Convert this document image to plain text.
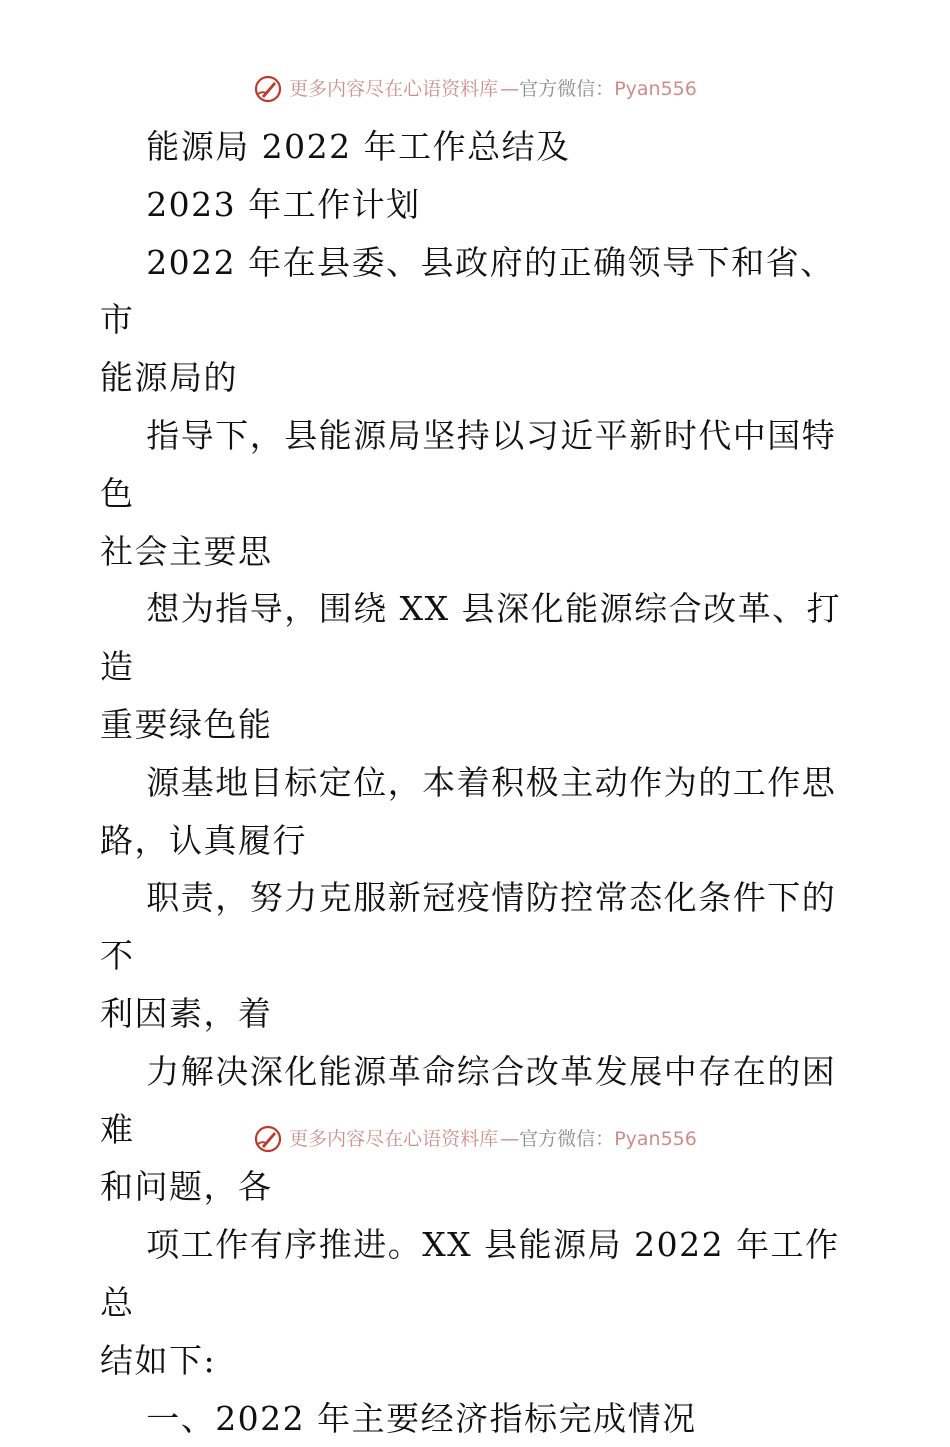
更多内容尽在心语资料库 — 官方微信： Pyan556

能源局 2022 年工作总结及

2023 年工作计划

2022 年在县委、县政府的正确领导下和省、市

能源局的

指导下，县能源局坚持以习近平新时代中国特色

社会主要思

想为指导，围绕 XX 县深化能源综合改革、打造

重要绿色能

源基地目标定位，本着积极主动作为的工作思

路，认真履行

职责，努力克服新冠疫情防控常态化条件下的不

利因素，着

力解决深化能源革命综合改革发展中存在的困难

和问题，各

项工作有序推进。XX 县能源局 2022 年工作总

结如下:

一、2022 年主要经济指标完成情况

更多内容尽在心语资料库 — 官方微信： Pyan556
